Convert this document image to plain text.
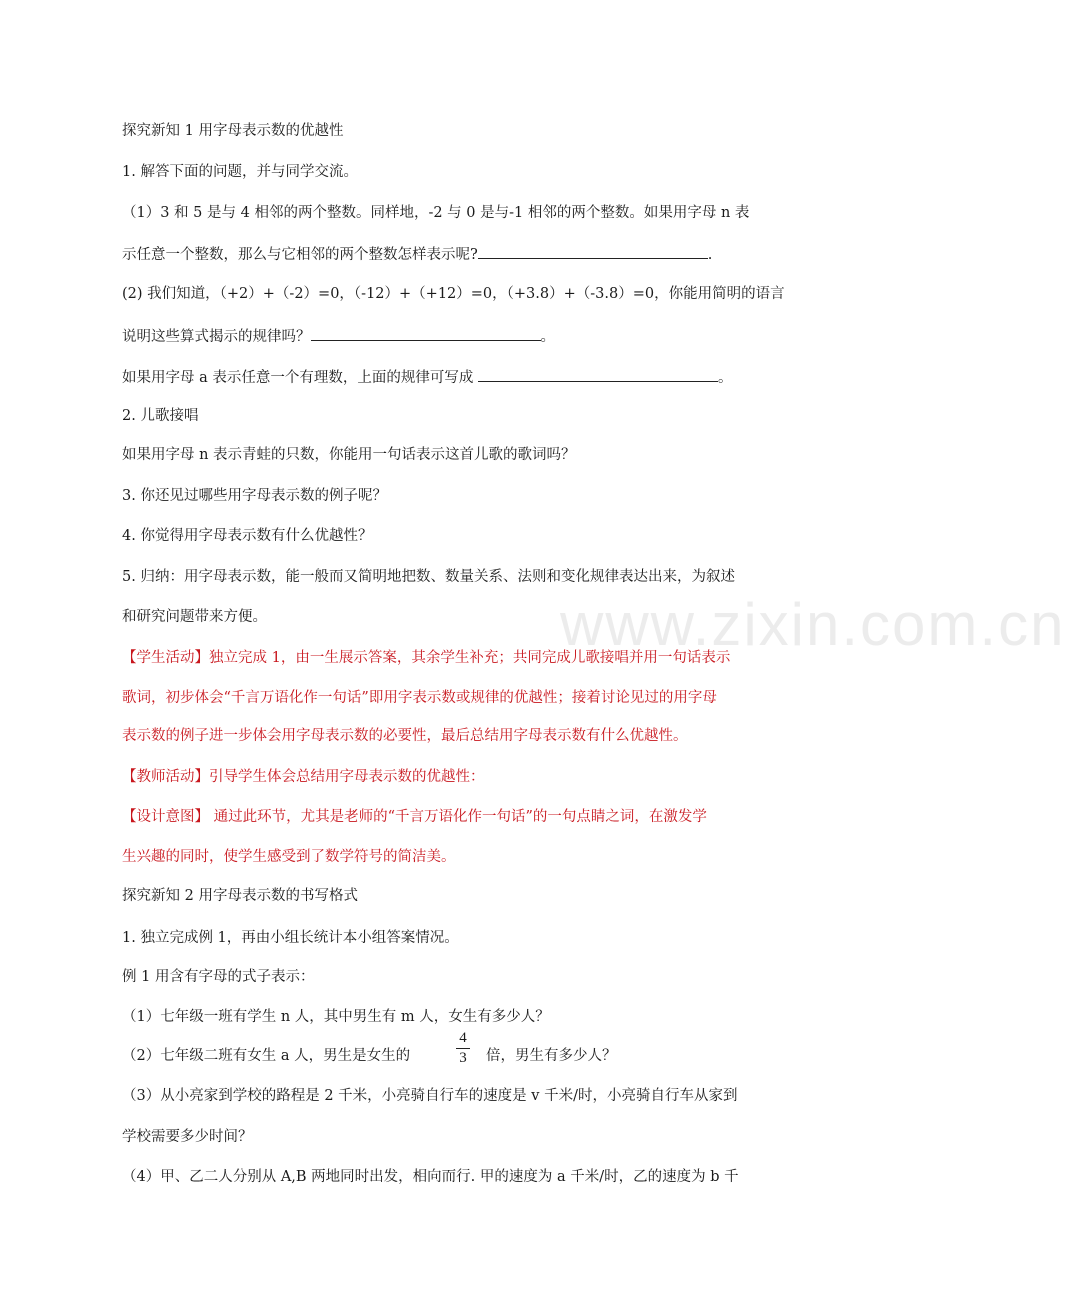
www.zixin.com.cn
探究新知 1 用字母表示数的优越性
1. 解答下面的问题，并与同学交流。
（1）3 和 5 是与 4 相邻的两个整数。同样地，-2 与 0 是与-1 相邻的两个整数。如果用字母 n 表
示任意一个整数，那么与它相邻的两个整数怎样表示呢?	.
(2) 我们知道，（+2）+（-2）=0，（-12）+（+12）=0，（+3.8）+（-3.8）=0，你能用简明的语言
说明这些算式揭示的规律吗？	。
如果用字母 a 表示任意一个有理数，上面的规律可写成	。
2. 儿歌接唱
如果用字母 n 表示青蛙的只数，你能用一句话表示这首儿歌的歌词吗？
3. 你还见过哪些用字母表示数的例子呢？
4. 你觉得用字母表示数有什么优越性？
5. 归纳：用字母表示数，能一般而又简明地把数、数量关系、法则和变化规律表达出来，为叙述
和研究问题带来方便。
【学生活动】独立完成 1，由一生展示答案，其余学生补充；共同完成儿歌接唱并用一句话表示
歌词，初步体会“千言万语化作一句话”即用字表示数或规律的优越性；接着讨论见过的用字母
表示数的例子进一步体会用字母表示数的必要性，最后总结用字母表示数有什么优越性。
【教师活动】引导学生体会总结用字母表示数的优越性：
【设计意图】 通过此环节，尤其是老师的“千言万语化作一句话”的一句点睛之词，在激发学
生兴趣的同时，使学生感受到了数学符号的简洁美。
探究新知 2 用字母表示数的书写格式
1. 独立完成例 1，再由小组长统计本小组答案情况。
例 1 用含有字母的式子表示：
（1）七年级一班有学生 n 人，其中男生有 m 人，女生有多少人？
（2）七年级二班有女生 a 人，男生是女生的
4
3 倍，男生有多少人？
（3）从小亮家到学校的路程是 2 千米，小亮骑自行车的速度是 v 千米/时，小亮骑自行车从家到
学校需要多少时间？
（4）甲、乙二人分别从 A,B 两地同时出发，相向而行. 甲的速度为 a 千米/时，乙的速度为 b 千
